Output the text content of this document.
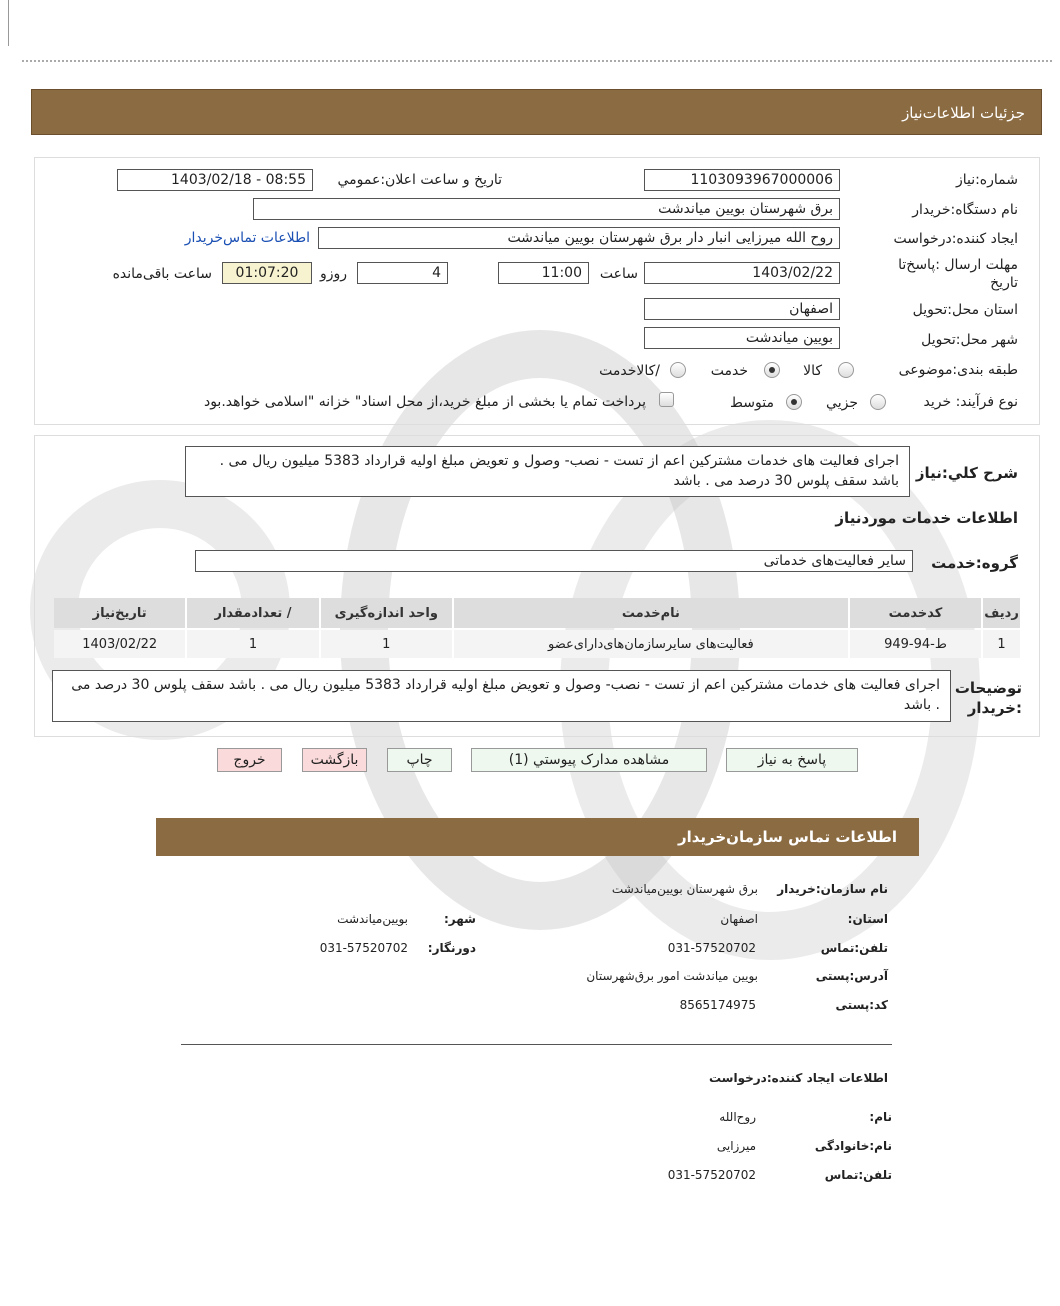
جزئیات اطلاعات‌نیاز
شماره:نیاز
1103093967000006
تاریخ و ساعت اعلان:عمومي
1403/02/18 - 08:55
نام دستگاه:خریدار
برق شهرستان بویین میاندشت
ایجاد کننده:درخواست
روح الله میرزایی انبار دار برق شهرستان بویین میاندشت
اطلاعات تماس‌خریدار
مهلت ارسال :پاسخ‌تا تاریخ
1403/02/22
ساعت
11:00
4
روزو
01:07:20
ساعت باقی‌مانده
استان محل:تحویل
اصفهان
شهر محل:تحویل
بویین میاندشت
طبقه بندی:موضوعی
کالا
خدمت
/کالاخدمت
نوع فرآیند: خرید
جزیي
متوسط
پرداخت تمام یا بخشی از مبلغ خرید،از محل اسناد" خزانه "اسلامی خواهد.بود
شرح کلي:نیاز
اجرای فعالیت های خدمات مشترکین اعم از تست - نصب- وصول و تعویض مبلغ اولیه قرارداد 5383 میلیون ریال می . باشد سقف پلوس 30 درصد می . باشد
اطلاعات خدمات موردنیاز
گروه:خدمت
سایر فعالیت‌های خدماتی
ردیف	کدخدمت	نام‌خدمت	واحد اندازه‌گیری	/ تعدادمقدار	تاریخ‌نیاز
1	ط-94-949	فعالیت‌های سایرسازمان‌های‌دارای‌عضو	1	1	1403/02/22
توضیحات :خریدار
اجرای فعالیت های خدمات مشترکین اعم از تست - نصب- وصول و تعویض مبلغ اولیه قرارداد 5383 میلیون ریال می . باشد سقف پلوس 30 درصد می . باشد
پاسخ به نیاز
مشاهده مدارک پیوستي (1)
چاپ
بازگشت
خروج
اطلاعات تماس سازمان‌خریدار
نام سازمان:خریدار
برق شهرستان بویین‌میاندشت
استان:
اصفهان
شهر:
بویین‌میاندشت
تلفن:تماس
031-57520702
دورنگار:
031-57520702
آدرس:پستی
بویین میاندشت امور برق‌شهرستان
کد:پستی
8565174975
اطلاعات ایجاد کننده:درخواست
نام:
روح‌الله
نام:خانوادگی
میرزایی
تلفن:تماس
031-57520702
